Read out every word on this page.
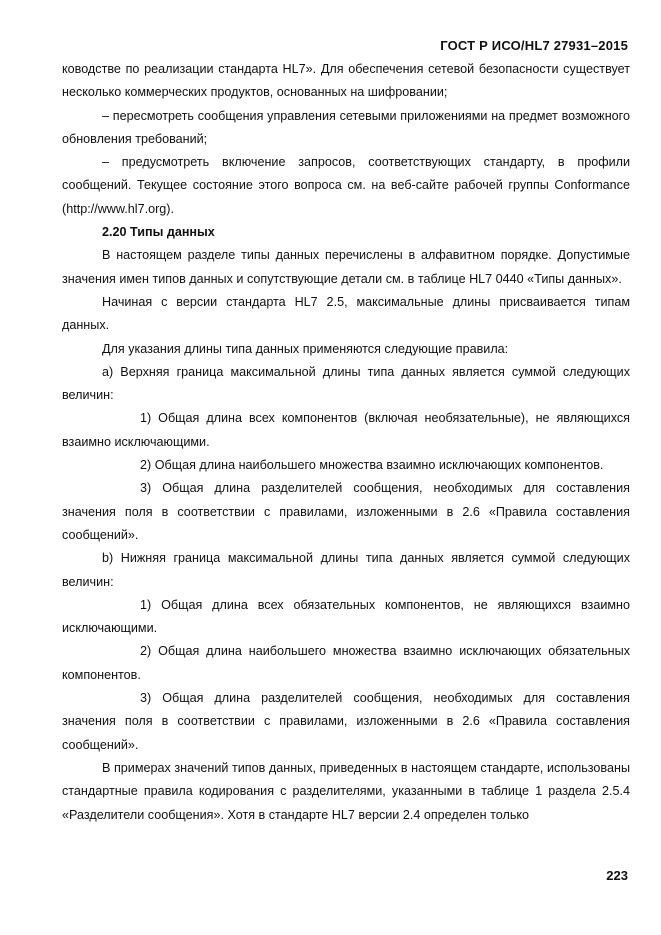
ГОСТ Р ИСО/HL7 27931–2015

ководстве по реализации стандарта HL7». Для обеспечения сетевой безопасности существует несколько коммерческих продуктов, основанных на шифровании;

– пересмотреть сообщения управления сетевыми приложениями на предмет возможного обновления требований;

– предусмотреть включение запросов, соответствующих стандарту, в профили сообщений. Текущее состояние этого вопроса см. на веб-сайте рабочей группы Conformance (http://www.hl7.org).

2.20 Типы данных

В настоящем разделе типы данных перечислены в алфавитном порядке. Допустимые значения имен типов данных и сопутствующие детали см. в таблице HL7 0440 «Типы данных».

Начиная с версии стандарта HL7 2.5, максимальные длины присваивается типам данных.

Для указания длины типа данных применяются следующие правила:

а) Верхняя граница максимальной длины типа данных является суммой следующих величин:

1) Общая длина всех компонентов (включая необязательные), не являющихся взаимно исключающими.

2) Общая длина наибольшего множества взаимно исключающих компонентов.

3) Общая длина разделителей сообщения, необходимых для составления значения поля в соответствии с правилами, изложенными в 2.6 «Правила составления сообщений».

b) Нижняя граница максимальной длины типа данных является суммой следующих величин:

1) Общая длина всех обязательных компонентов, не являющихся взаимно исключающими.

2) Общая длина наибольшего множества взаимно исключающих обязательных компонентов.

3) Общая длина разделителей сообщения, необходимых для составления значения поля в соответствии с правилами, изложенными в 2.6 «Правила составления сообщений».

В примерах значений типов данных, приведенных в настоящем стандарте, использованы стандартные правила кодирования с разделителями, указанными в таблице 1 раздела 2.5.4 «Разделители сообщения». Хотя в стандарте HL7 версии 2.4 определен только

223
